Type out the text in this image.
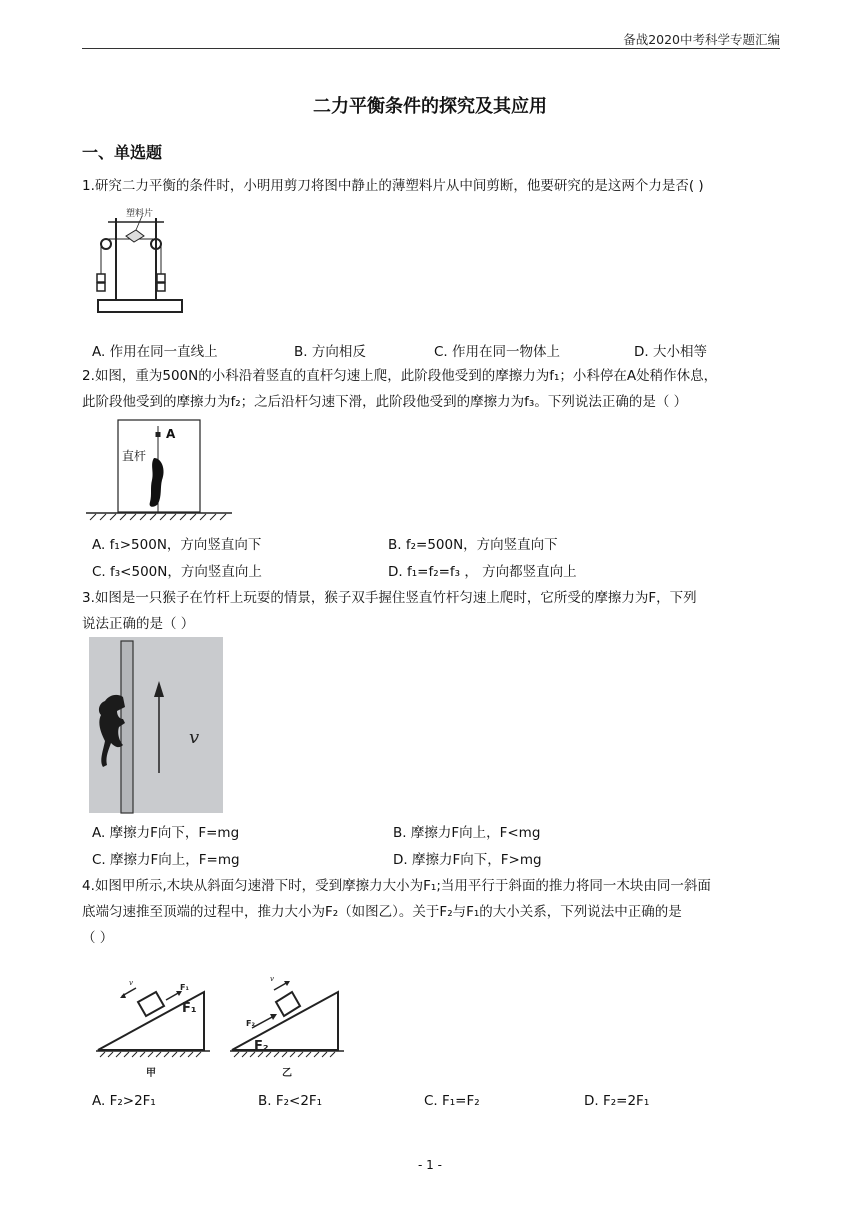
备战2020中考科学专题汇编
二力平衡条件的探究及其应用
一、单选题
1.研究二力平衡的条件时，小明用剪刀将图中静止的薄塑料片从中间剪断，他要研究的是这两个力是否( )
塑料片
A. 作用在同一直线上	B. 方向相反	C. 作用在同一物体上	D. 大小相等
2.如图，重为500N的小科沿着竖直的直杆匀速上爬，此阶段他受到的摩擦力为f₁；小科停在A处稍作休息，
此阶段他受到的摩擦力为f₂；之后沿杆匀速下滑，此阶段他受到的摩擦力为f₃。下列说法正确的是（ ）
A
直杆
A. f₁>500N，方向竖直向下	B. f₂=500N，方向竖直向下
C. f₃<500N，方向竖直向上	D. f₁=f₂=f₃ ， 方向都竖直向上
3.如图是一只猴子在竹杆上玩耍的情景，猴子双手握住竖直竹杆匀速上爬时，它所受的摩擦力为F，下列
说法正确的是（ ）
v
A. 摩擦力F向下，F=mg	B. 摩擦力F向上，F<mg
C. 摩擦力F向上，F=mg	D. 摩擦力F向下，F>mg
4.如图甲所示,木块从斜面匀速滑下时，受到摩擦力大小为F₁;当用平行于斜面的推力将同一木块由同一斜面
底端匀速推至顶端的过程中，推力大小为F₂（如图乙）。关于F₂与F₁的大小关系，下列说法中正确的是
（ ）
v	F₁
F₁
甲
v
F₂
F₂
乙
A. F₂>2F₁	B. F₂<2F₁	C. F₁=F₂	D. F₂=2F₁
- 1 -
